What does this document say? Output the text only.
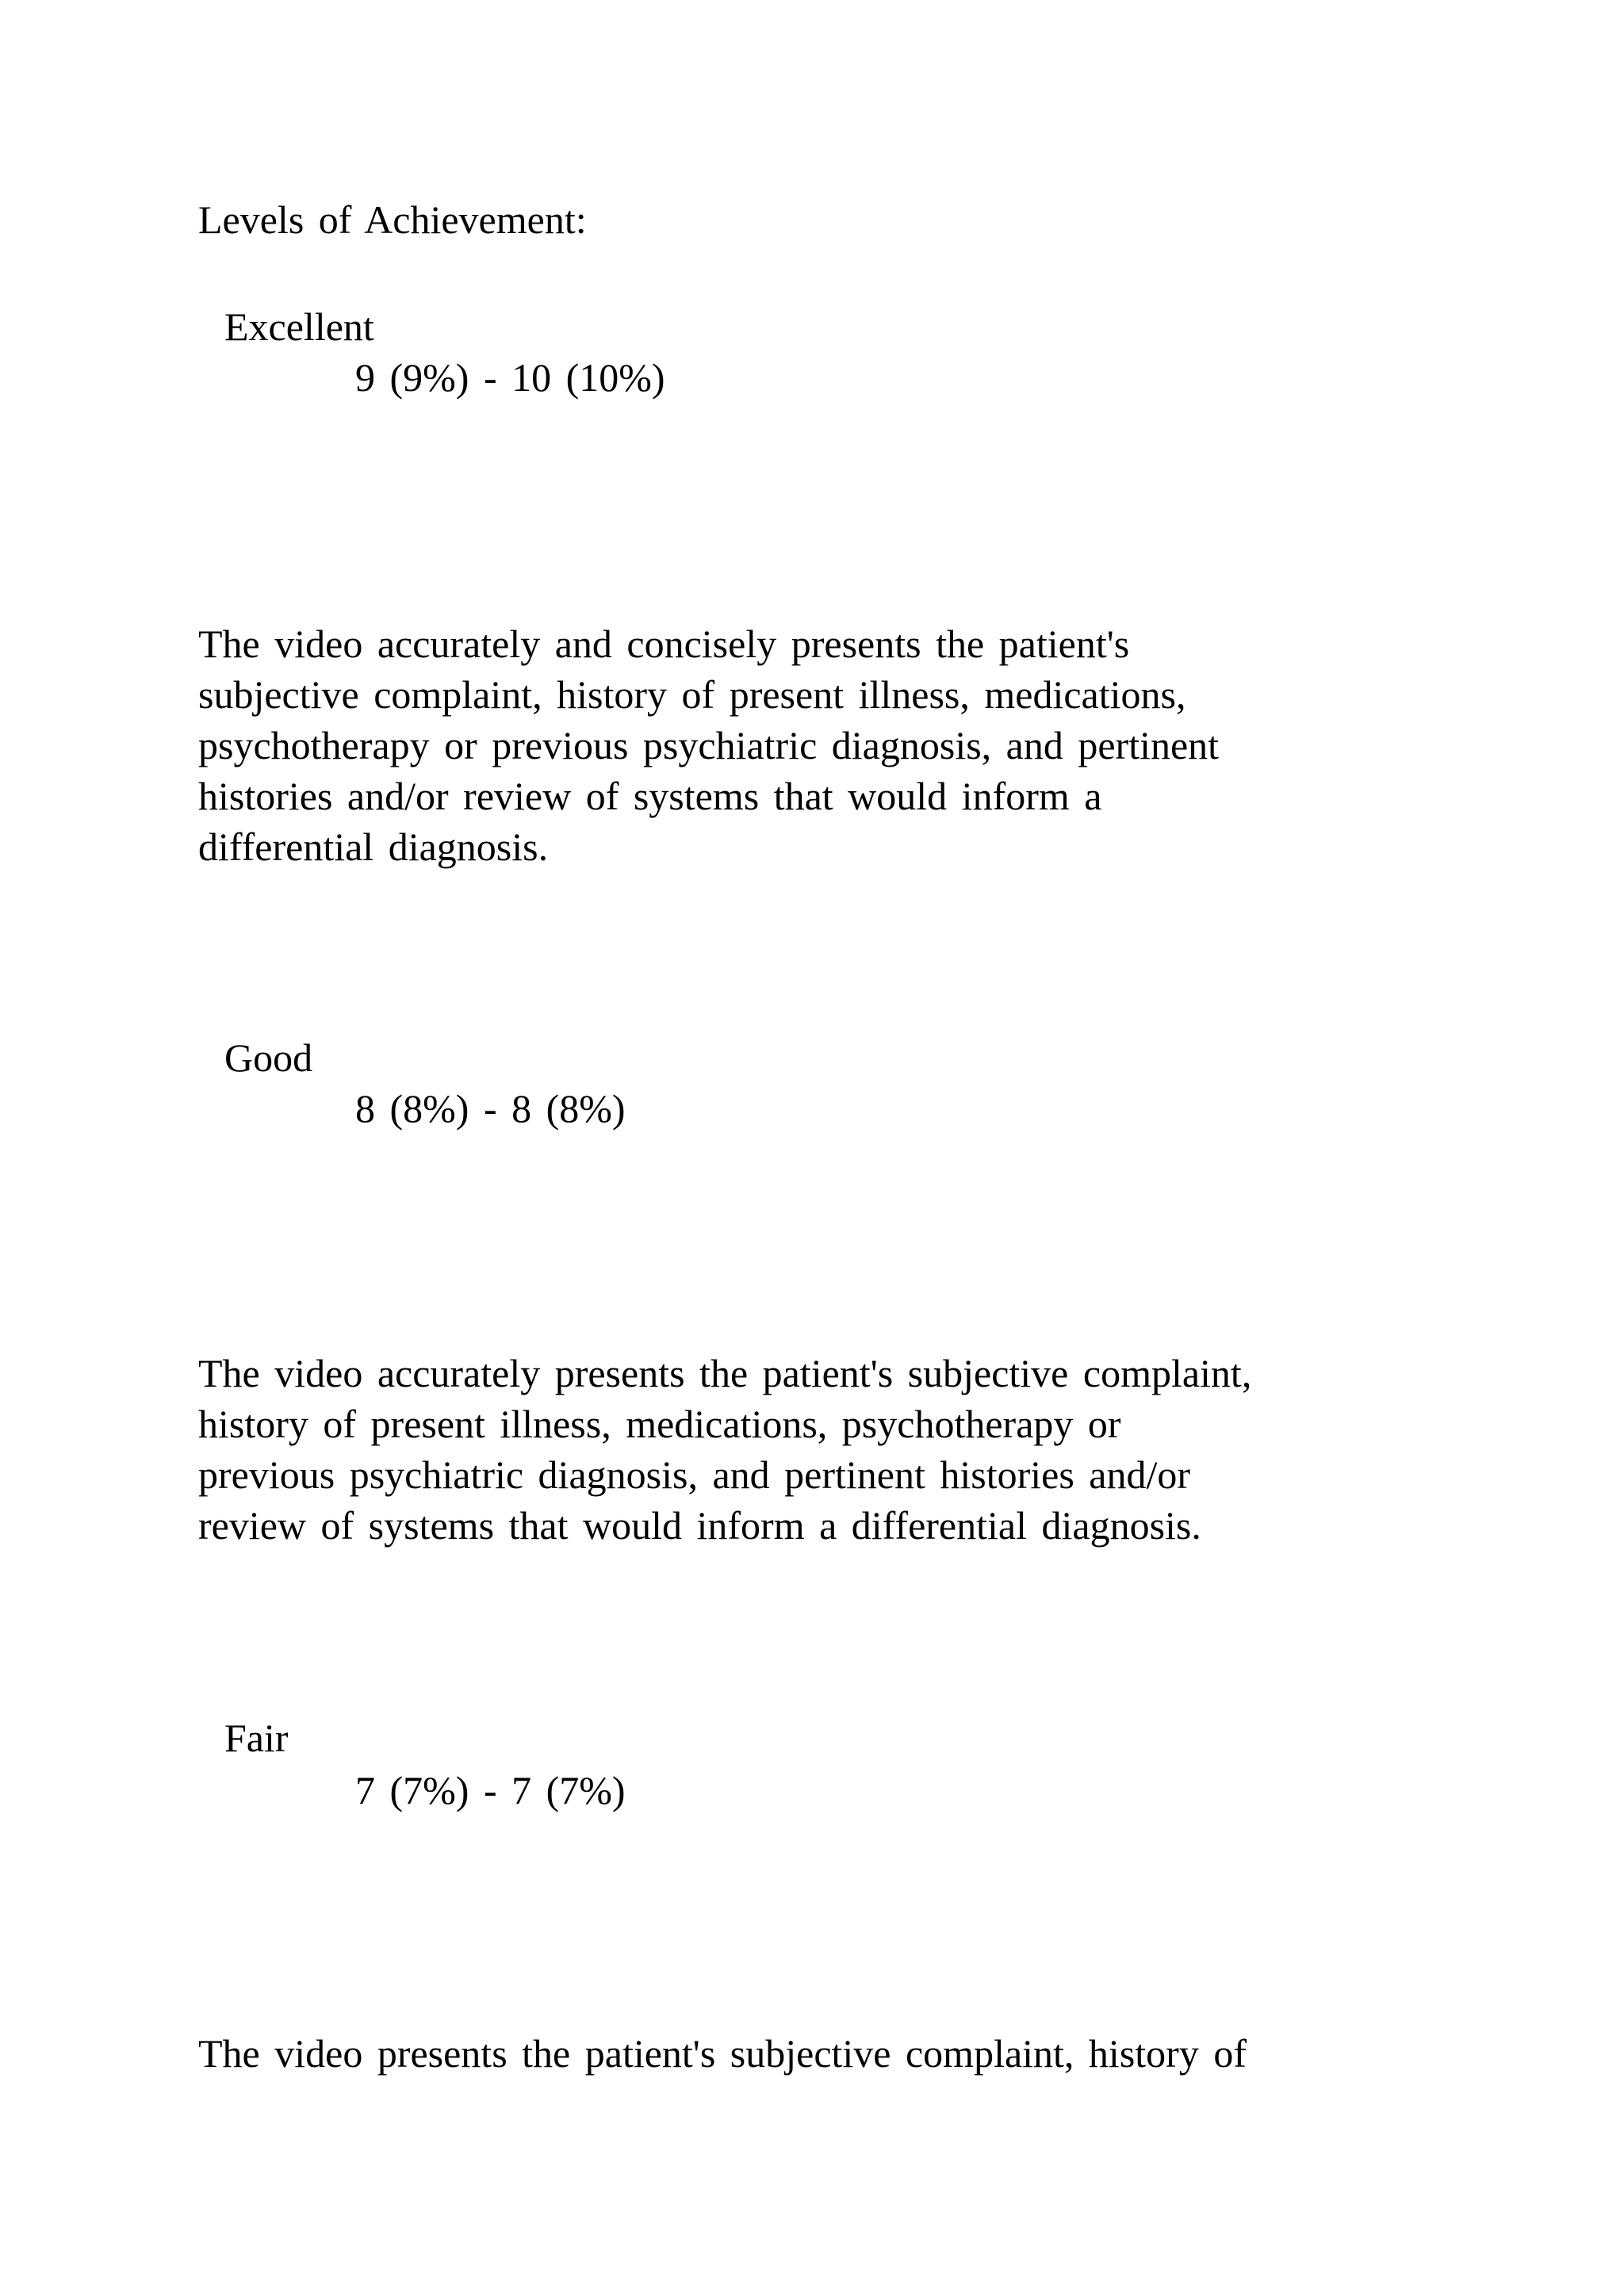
Levels of Achievement:

Excellent

9 (9%) - 10 (10%)

The video accurately and concisely presents the patient's
subjective complaint, history of present illness, medications,
psychotherapy or previous psychiatric diagnosis, and pertinent
histories and/or review of systems that would inform a
differential diagnosis.

Good

8 (8%) - 8 (8%)

The video accurately presents the patient's subjective complaint,
history of present illness, medications, psychotherapy or
previous psychiatric diagnosis, and pertinent histories and/or
review of systems that would inform a differential diagnosis.

Fair

7 (7%) - 7 (7%)

The video presents the patient's subjective complaint, history of
